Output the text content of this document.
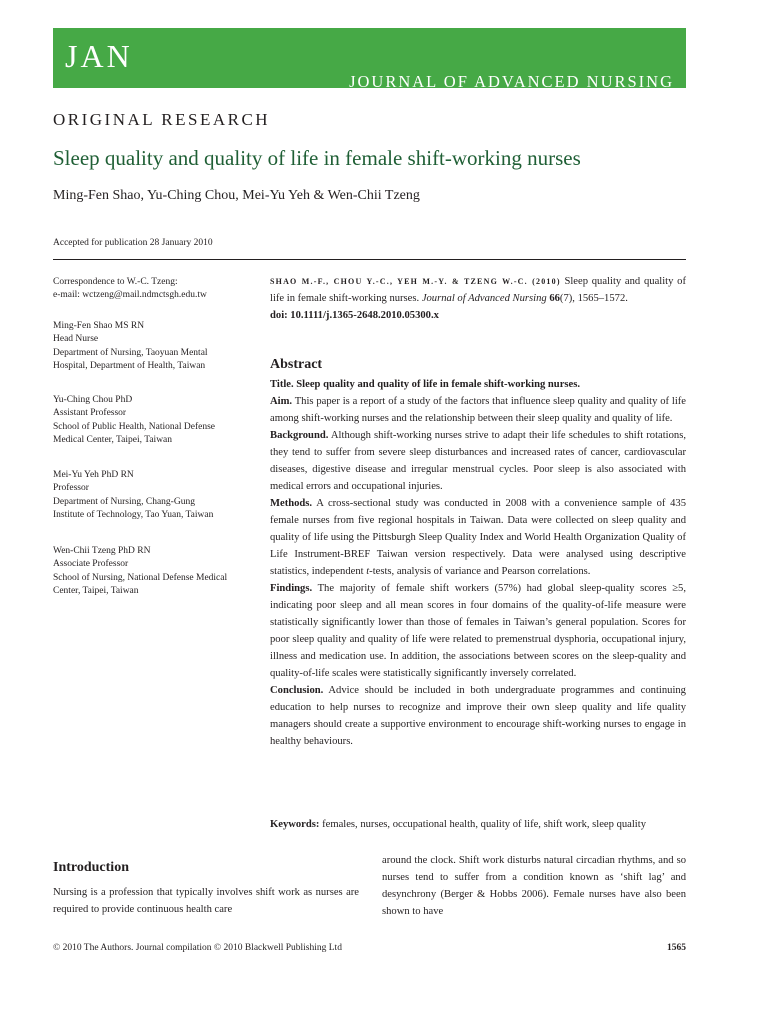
JAN
JOURNAL OF ADVANCED NURSING
ORIGINAL RESEARCH
Sleep quality and quality of life in female shift-working nurses
Ming-Fen Shao, Yu-Ching Chou, Mei-Yu Yeh & Wen-Chii Tzeng
Accepted for publication 28 January 2010
Correspondence to W.-C. Tzeng:
e-mail: wctzeng@mail.ndmctsgh.edu.tw
Ming-Fen Shao MS RN
Head Nurse
Department of Nursing, Taoyuan Mental
Hospital, Department of Health, Taiwan
Yu-Ching Chou PhD
Assistant Professor
School of Public Health, National Defense
Medical Center, Taipei, Taiwan
Mei-Yu Yeh PhD RN
Professor
Department of Nursing, Chang-Gung
Institute of Technology, Tao Yuan, Taiwan
Wen-Chii Tzeng PhD RN
Associate Professor
School of Nursing, National Defense Medical
Center, Taipei, Taiwan
SHAO M.-F., CHOU Y.-C., YEH M.-Y. & TZENG W.-C. (2010) Sleep quality and quality of life in female shift-working nurses. Journal of Advanced Nursing 66(7), 1565–1572.
doi: 10.1111/j.1365-2648.2010.05300.x
Abstract
Title. Sleep quality and quality of life in female shift-working nurses.
Aim. This paper is a report of a study of the factors that influence sleep quality and quality of life among shift-working nurses and the relationship between their sleep quality and quality of life.
Background. Although shift-working nurses strive to adapt their life schedules to shift rotations, they tend to suffer from severe sleep disturbances and increased rates of cancer, cardiovascular diseases, digestive disease and irregular menstrual cycles. Poor sleep is also associated with medical errors and occupational injuries.
Methods. A cross-sectional study was conducted in 2008 with a convenience sample of 435 female nurses from five regional hospitals in Taiwan. Data were collected on sleep quality and quality of life using the Pittsburgh Sleep Quality Index and World Health Organization Quality of Life Instrument-BREF Taiwan version respectively. Data were analysed using descriptive statistics, independent t-tests, analysis of variance and Pearson correlations.
Findings. The majority of female shift workers (57%) had global sleep-quality scores ≥5, indicating poor sleep and all mean scores in four domains of the quality-of-life measure were statistically significantly lower than those of females in Taiwan’s general population. Scores for poor sleep quality and quality of life were related to premenstrual dysphoria, occupational injury, illness and medication use. In addition, the associations between scores on the sleep-quality and quality-of-life scales were statistically significantly inversely correlated.
Conclusion. Advice should be included in both undergraduate programmes and continuing education to help nurses to recognize and improve their own sleep quality and life quality managers should create a supportive environment to encourage shift-working nurses to engage in healthy behaviours.
Keywords: females, nurses, occupational health, quality of life, shift work, sleep quality
Introduction
Nursing is a profession that typically involves shift work as nurses are required to provide continuous health care
around the clock. Shift work disturbs natural circadian rhythms, and so nurses tend to suffer from a condition known as ‘shift lag’ and desynchrony (Berger & Hobbs 2006). Female nurses have also been shown to have
© 2010 The Authors. Journal compilation © 2010 Blackwell Publishing Ltd	1565
